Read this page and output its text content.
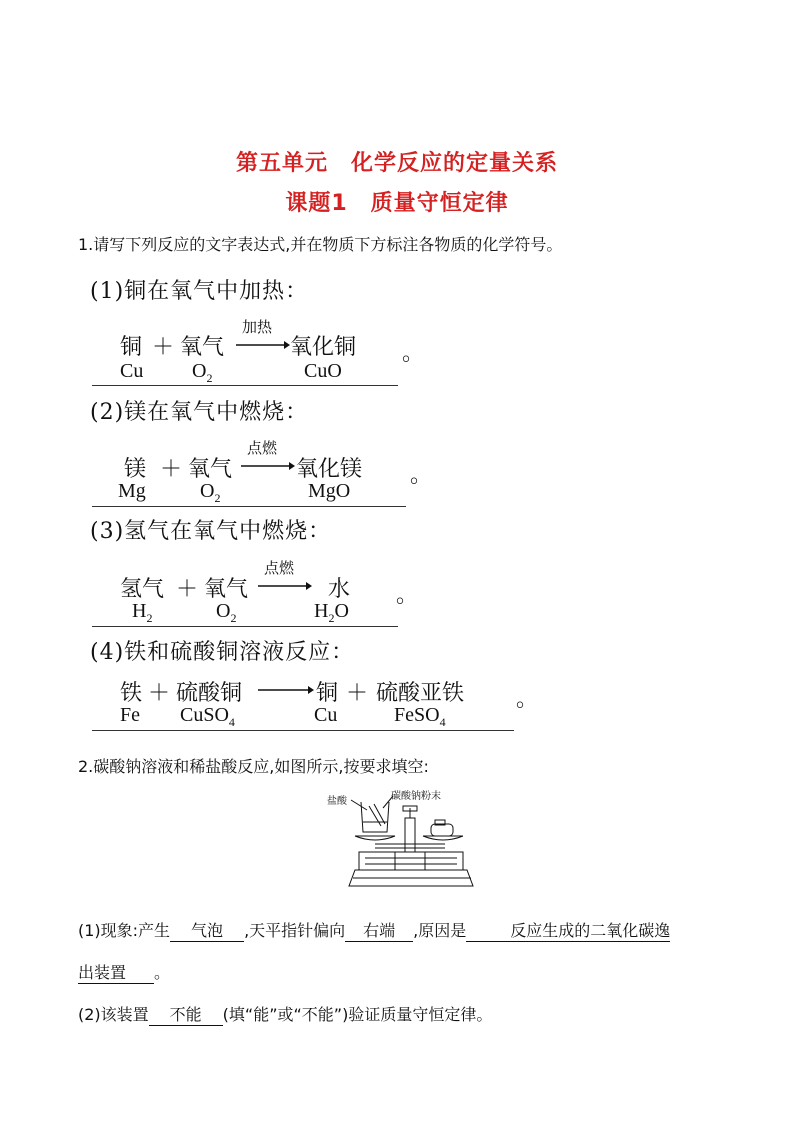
第五单元　化学反应的定量关系
课题1　质量守恒定律
1.请写下列反应的文字表达式,并在物质下方标注各物质的化学符号。
(1)铜在氧气中加热：
铜 ＋ 氧气
加热
氧化铜 。
Cu $O_2$	CuO
(2)镁在氧气中燃烧：
镁 ＋ 氧气
点燃
氧化镁 。
Mg	$O_2$	MgO
(3)氢气在氧气中燃烧：
氢气 ＋ 氧气
点燃
水 。
$H_2$	$O_2$	$H_2O$
(4)铁和硫酸铜溶液反应：
铁 ＋ 硫酸铜	铜 ＋ 硫酸亚铁 。
Fe CuSO$_4$	Cu	FeSO$_4$
2.碳酸钠溶液和稀盐酸反应,如图所示,按要求填空:
盐酸	碳酸钠粉末
(1)现象:产生 气泡 ,天平指针偏向 右端 ,原因是	反应生成的二氧化碳逸
出装置 。
(2)该装置 不能 (填“能”或“不能”)验证质量守恒定律。
